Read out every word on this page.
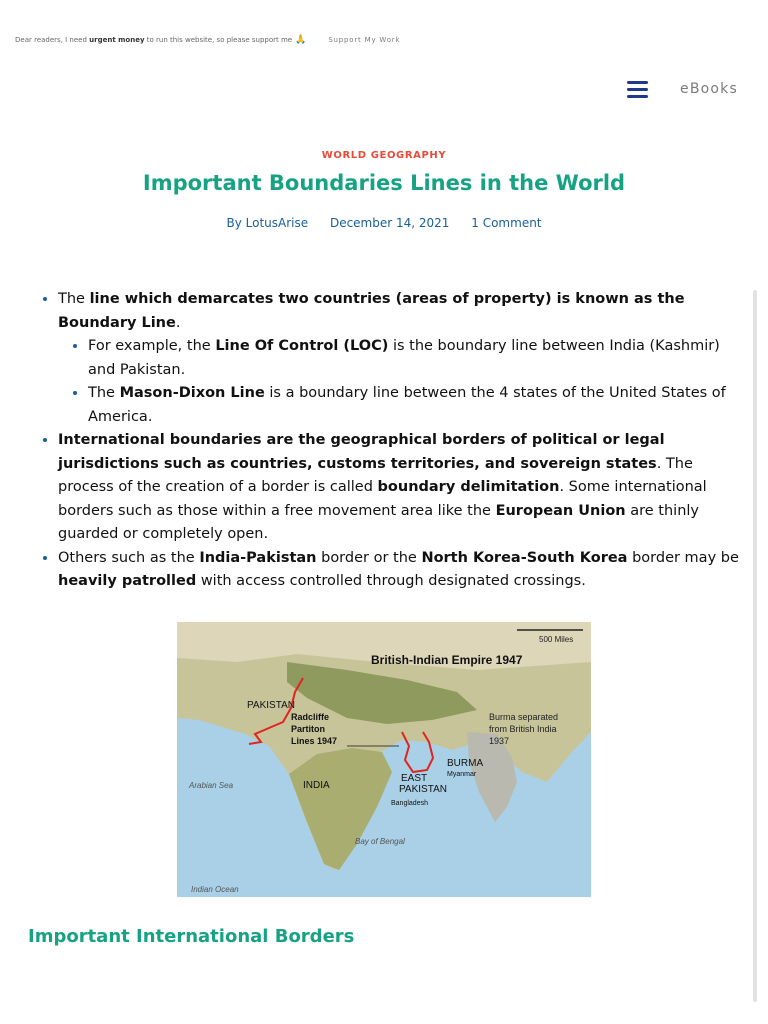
Dear readers, I need
urgent money
to run this website, so please support me 🙏	Support My Work
eBooks
WORLD GEOGRAPHY
Important Boundaries Lines in the World
By LotusArise December 14, 2021 1 Comment
• The line which demarcates two countries (areas of property) is known as the Boundary Line.
• For example, the Line Of Control (LOC) is the boundary line between India (Kashmir) and Pakistan.
• The Mason-Dixon Line is a boundary line between the 4 states of the United States of America.
• International boundaries are the geographical borders of political or legal jurisdictions such as countries, customs territories, and sovereign states. The process of the creation of a border is called boundary delimitation. Some international borders such as those within a free movement area like the European Union are thinly guarded or completely open.
• Others such as the India-Pakistan border or the North Korea-South Korea border may be heavily patrolled with access controlled through designated crossings.
500 Miles
British-Indian Empire 1947
PAKISTAN
Radcliffe
Partiton
Lines 1947
Burma separated
from British India
1937
BURMA
Myanmar
INDIA
EAST
PAKISTAN
Bangladesh
Arabian Sea
Bay of Bengal
Indian Ocean
Important International Borders
